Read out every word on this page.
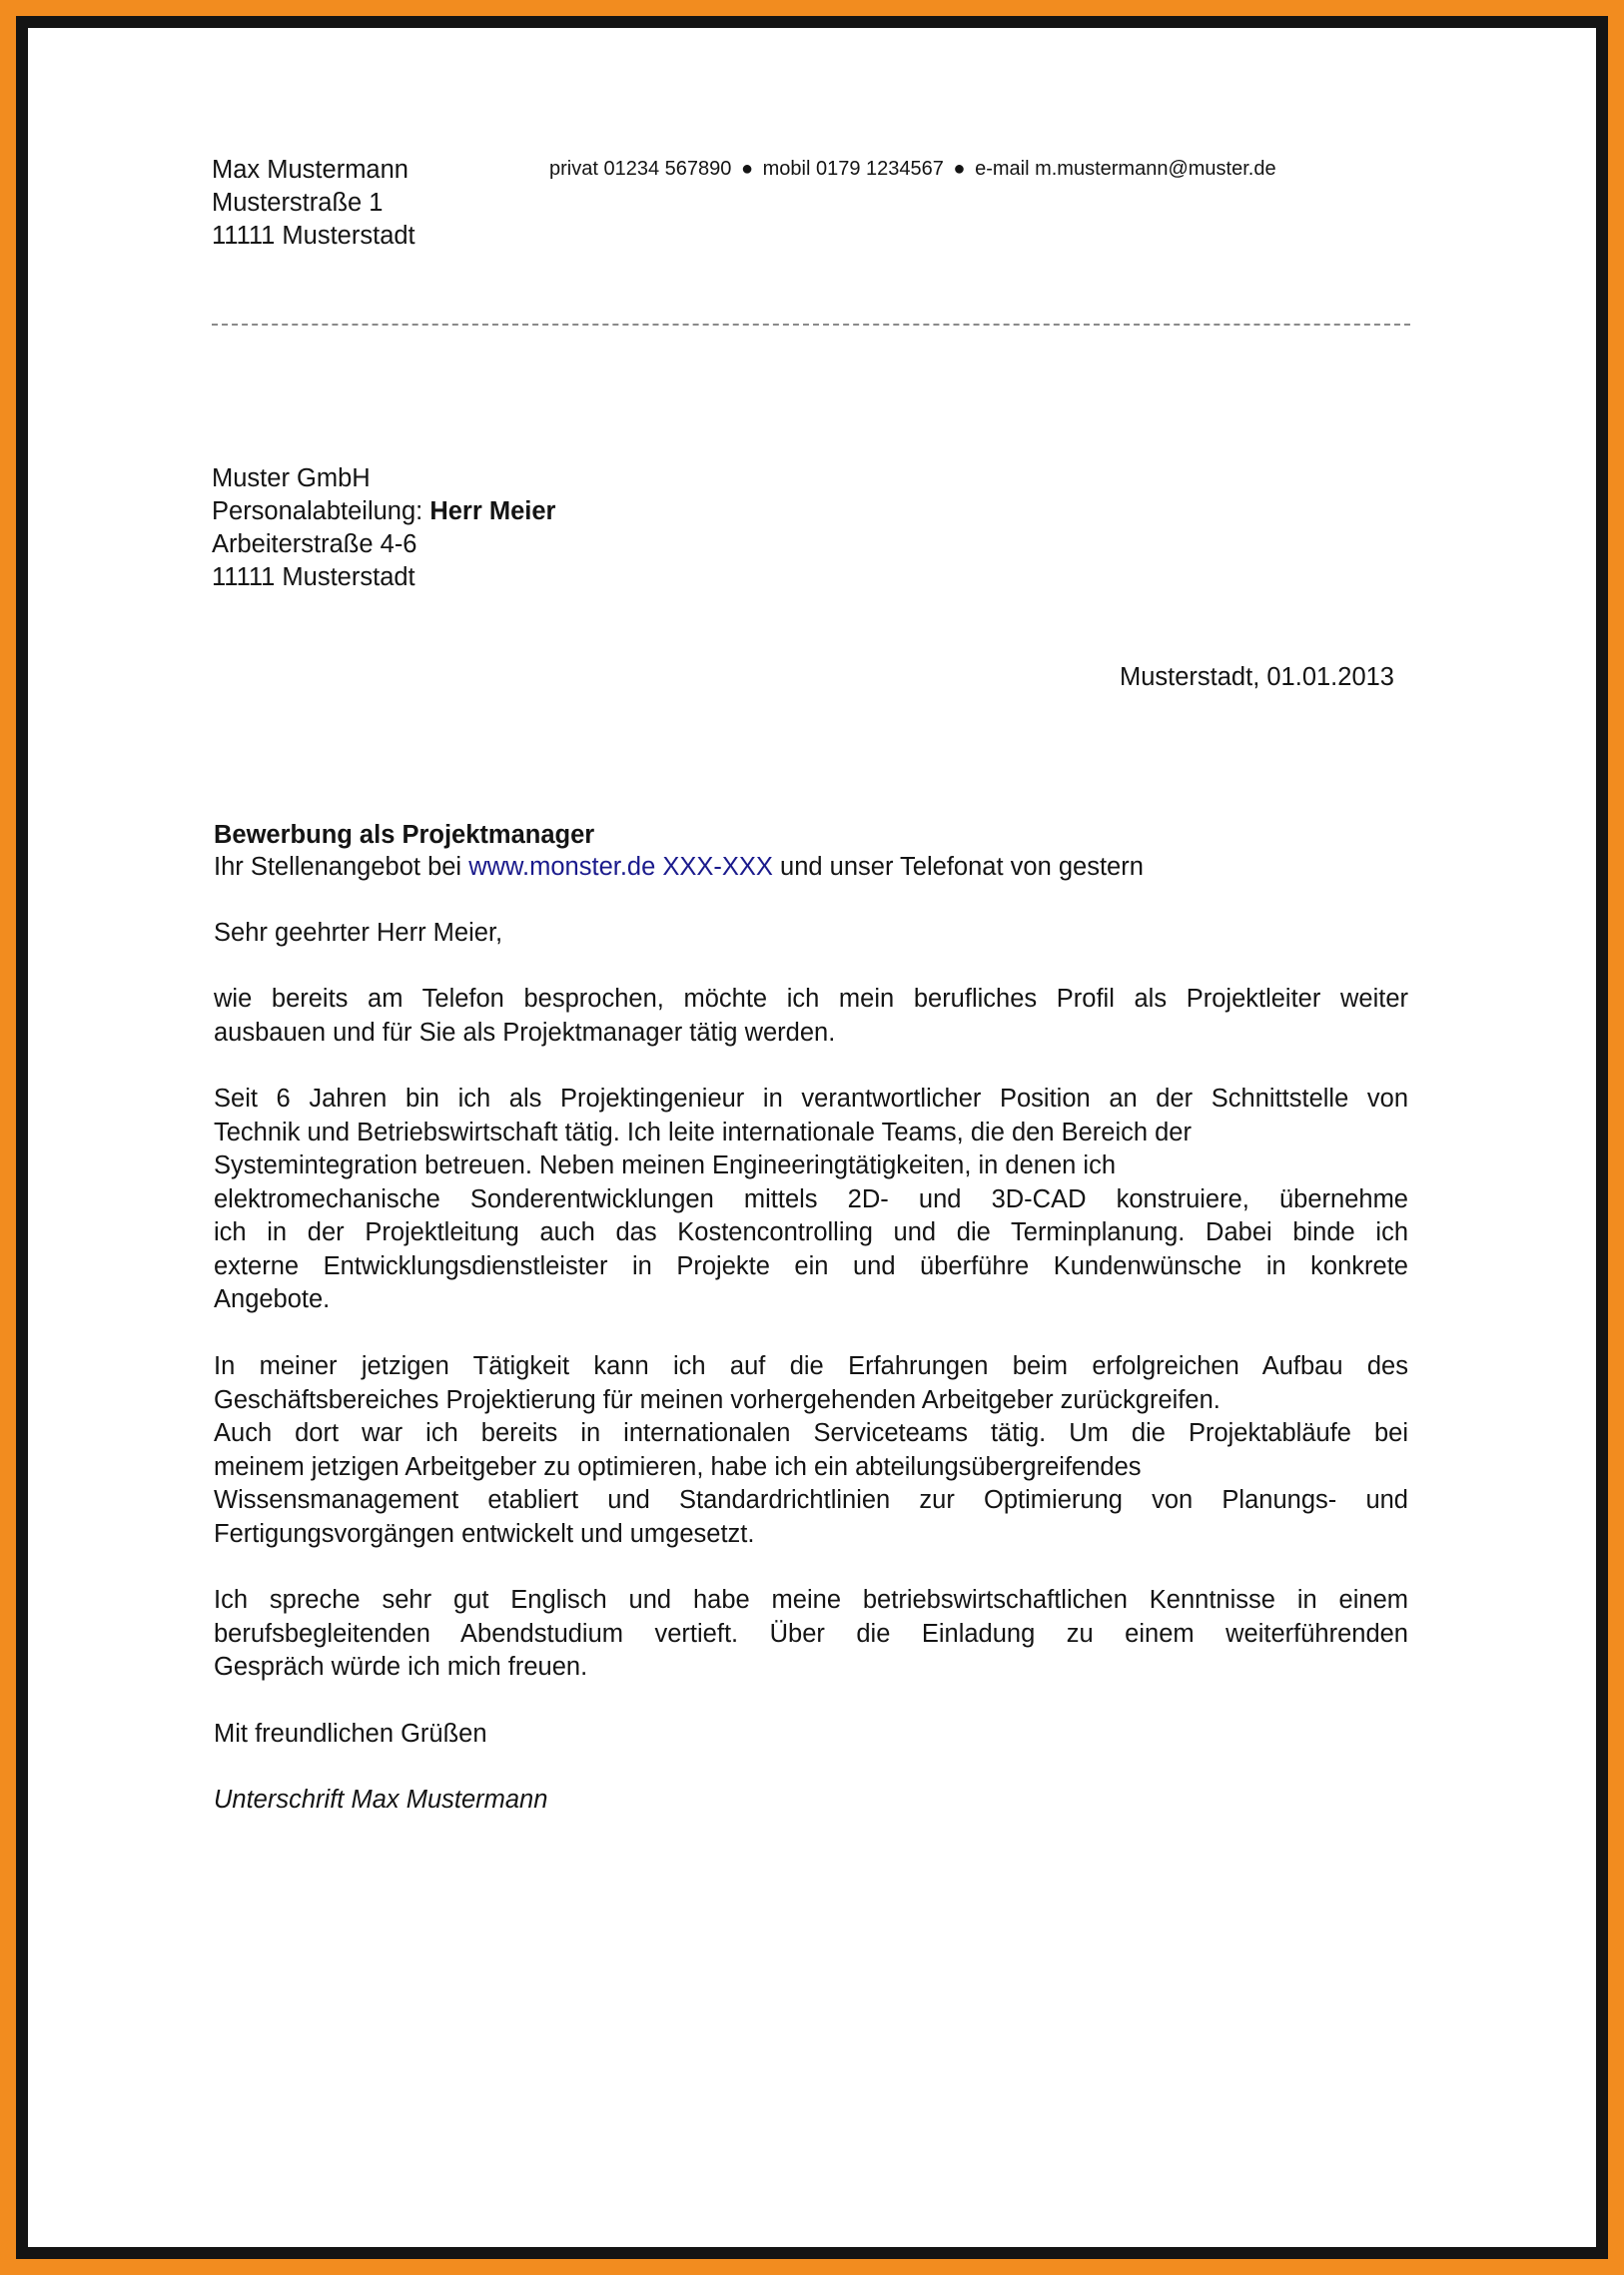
Max Mustermann
Musterstraße 1
11111 Musterstadt
privat 01234 567890 ● mobil 0179 1234567 ● e-mail m.mustermann@muster.de
Muster GmbH
Personalabteilung: Herr Meier
Arbeiterstraße 4-6
11111 Musterstadt
Musterstadt, 01.01.2013
Bewerbung als Projektmanager
Ihr Stellenangebot bei www.monster.de XXX-XXX und unser Telefonat von gestern
Sehr geehrter Herr Meier,
wie bereits am Telefon besprochen, möchte ich mein berufliches Profil als Projektleiter weiter
ausbauen und für Sie als Projektmanager tätig werden.
Seit 6 Jahren bin ich als Projektingenieur in verantwortlicher Position an der Schnittstelle von
Technik und Betriebswirtschaft tätig. Ich leite internationale Teams, die den Bereich der
Systemintegration betreuen. Neben meinen Engineeringtätigkeiten, in denen ich
elektromechanische Sonderentwicklungen mittels 2D- und 3D-CAD konstruiere, übernehme
ich in der Projektleitung auch das Kostencontrolling und die Terminplanung. Dabei binde ich
externe Entwicklungsdienstleister in Projekte ein und überführe Kundenwünsche in konkrete
Angebote.
In meiner jetzigen Tätigkeit kann ich auf die Erfahrungen beim erfolgreichen Aufbau des
Geschäftsbereiches Projektierung für meinen vorhergehenden Arbeitgeber zurückgreifen.
Auch dort war ich bereits in internationalen Serviceteams tätig. Um die Projektabläufe bei
meinem jetzigen Arbeitgeber zu optimieren, habe ich ein abteilungsübergreifendes
Wissensmanagement etabliert und Standardrichtlinien zur Optimierung von Planungs- und
Fertigungsvorgängen entwickelt und umgesetzt.
Ich spreche sehr gut Englisch und habe meine betriebswirtschaftlichen Kenntnisse in einem
berufsbegleitenden Abendstudium vertieft. Über die Einladung zu einem weiterführenden
Gespräch würde ich mich freuen.
Mit freundlichen Grüßen
Unterschrift Max Mustermann
